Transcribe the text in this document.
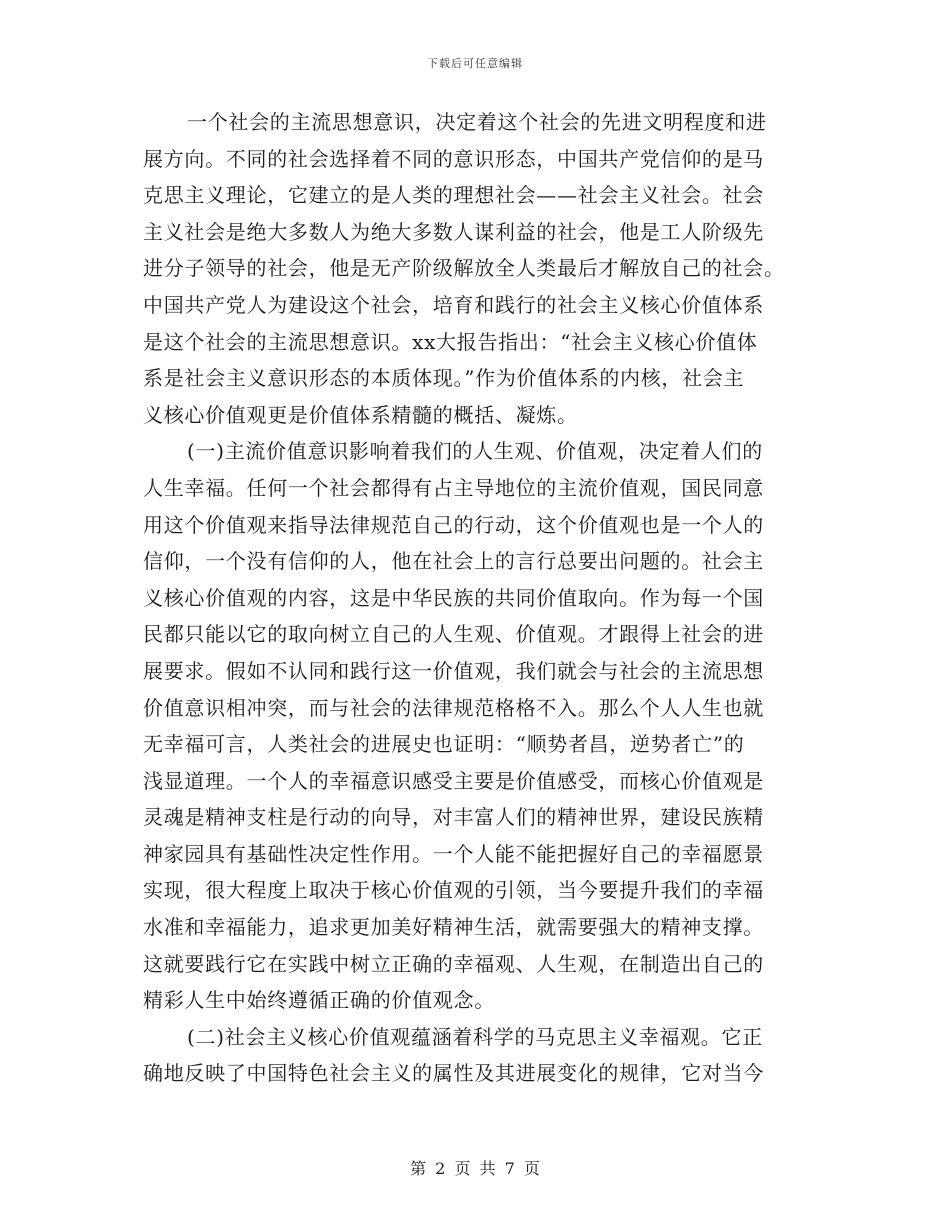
下载后可任意编辑
一个社会的主流思想意识，决定着这个社会的先进文明程度和进
展方向。不同的社会选择着不同的意识形态，中国共产党信仰的是马
克思主义理论，它建立的是人类的理想社会——社会主义社会。社会
主义社会是绝大多数人为绝大多数人谋利益的社会，他是工人阶级先
进分子领导的社会，他是无产阶级解放全人类最后才解放自己的社会。
中国共产党人为建设这个社会，培育和践行的社会主义核心价值体系
是这个社会的主流思想意识。xx大报告指出：“社会主义核心价值体
系是社会主义意识形态的本质体现。”作为价值体系的内核，社会主
义核心价值观更是价值体系精髓的概括、凝炼。
(一)主流价值意识影响着我们的人生观、价值观，决定着人们的
人生幸福。任何一个社会都得有占主导地位的主流价值观，国民同意
用这个价值观来指导法律规范自己的行动，这个价值观也是一个人的
信仰，一个没有信仰的人，他在社会上的言行总要出问题的。社会主
义核心价值观的内容，这是中华民族的共同价值取向。作为每一个国
民都只能以它的取向树立自己的人生观、价值观。才跟得上社会的进
展要求。假如不认同和践行这一价值观，我们就会与社会的主流思想
价值意识相冲突，而与社会的法律规范格格不入。那么个人人生也就
无幸福可言，人类社会的进展史也证明：“顺势者昌，逆势者亡”的
浅显道理。一个人的幸福意识感受主要是价值感受，而核心价值观是
灵魂是精神支柱是行动的向导，对丰富人们的精神世界，建设民族精
神家园具有基础性决定性作用。一个人能不能把握好自己的幸福愿景
实现，很大程度上取决于核心价值观的引领，当今要提升我们的幸福
水准和幸福能力，追求更加美好精神生活，就需要强大的精神支撑。
这就要践行它在实践中树立正确的幸福观、人生观，在制造出自己的
精彩人生中始终遵循正确的价值观念。
(二)社会主义核心价值观蕴涵着科学的马克思主义幸福观。它正
确地反映了中国特色社会主义的属性及其进展变化的规律，它对当今
第 2 页 共 7 页
